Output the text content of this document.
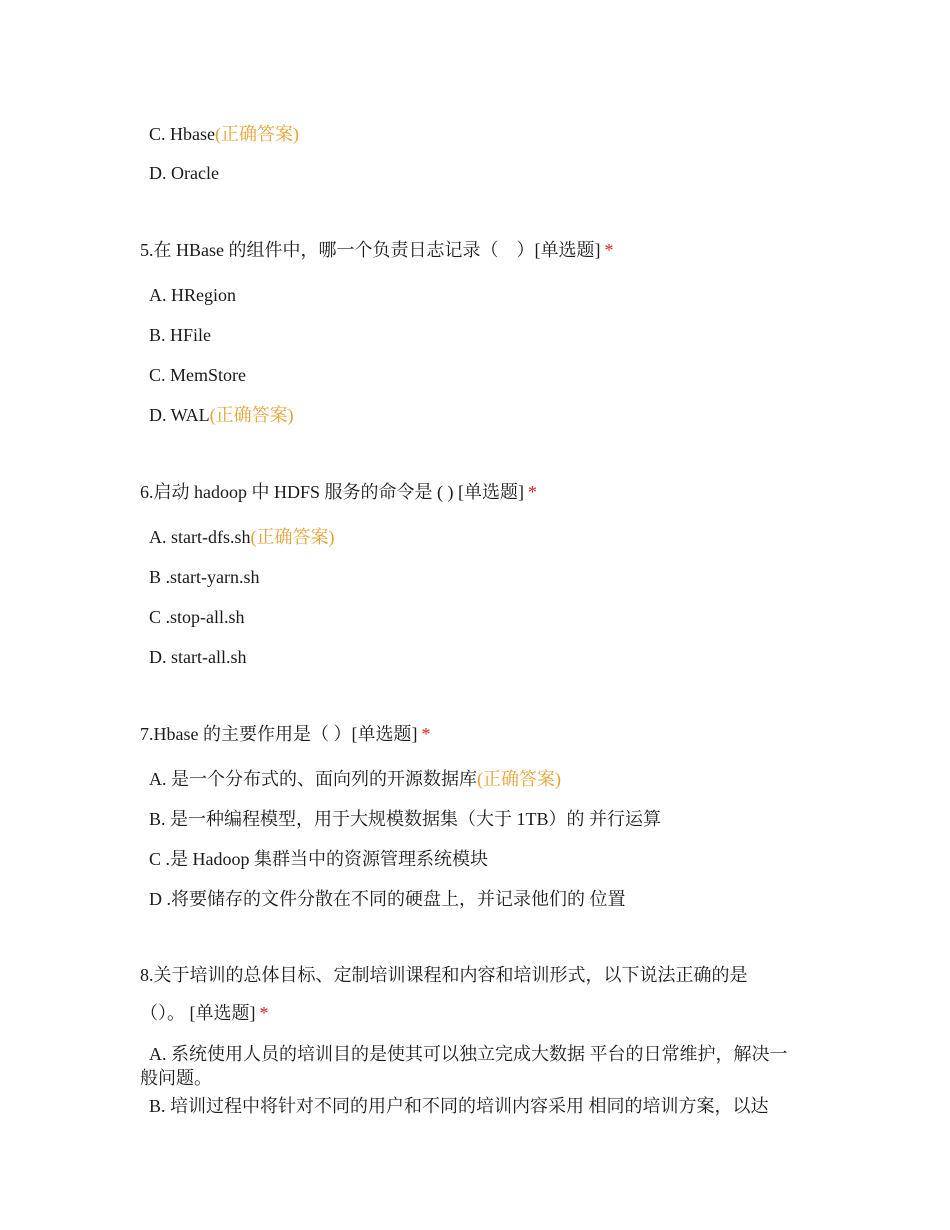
C. Hbase(正确答案)
D. Oracle
5.在 HBase 的组件中，哪一个负责日志记录（　）[单选题] *
A. HRegion
B. HFile
C. MemStore
D. WAL(正确答案)
6.启动 hadoop 中 HDFS 服务的命令是 ( ) [单选题] *
A. start-dfs.sh(正确答案)
B .start-yarn.sh
C .stop-all.sh
D. start-all.sh
7.Hbase 的主要作用是（ ）[单选题] *
A. 是一个分布式的、面向列的开源数据库(正确答案)
B. 是一种编程模型，用于大规模数据集（大于 1TB）的 并行运算
C .是 Hadoop 集群当中的资源管理系统模块
D .将要储存的文件分散在不同的硬盘上，并记录他们的 位置
8.关于培训的总体目标、定制培训课程和内容和培训形式，以下说法正确的是
（）。 [单选题] *
A. 系统使用人员的培训目的是使其可以独立完成大数据 平台的日常维护，解决一般问题。
B. 培训过程中将针对不同的用户和不同的培训内容采用 相同的培训方案，以达
